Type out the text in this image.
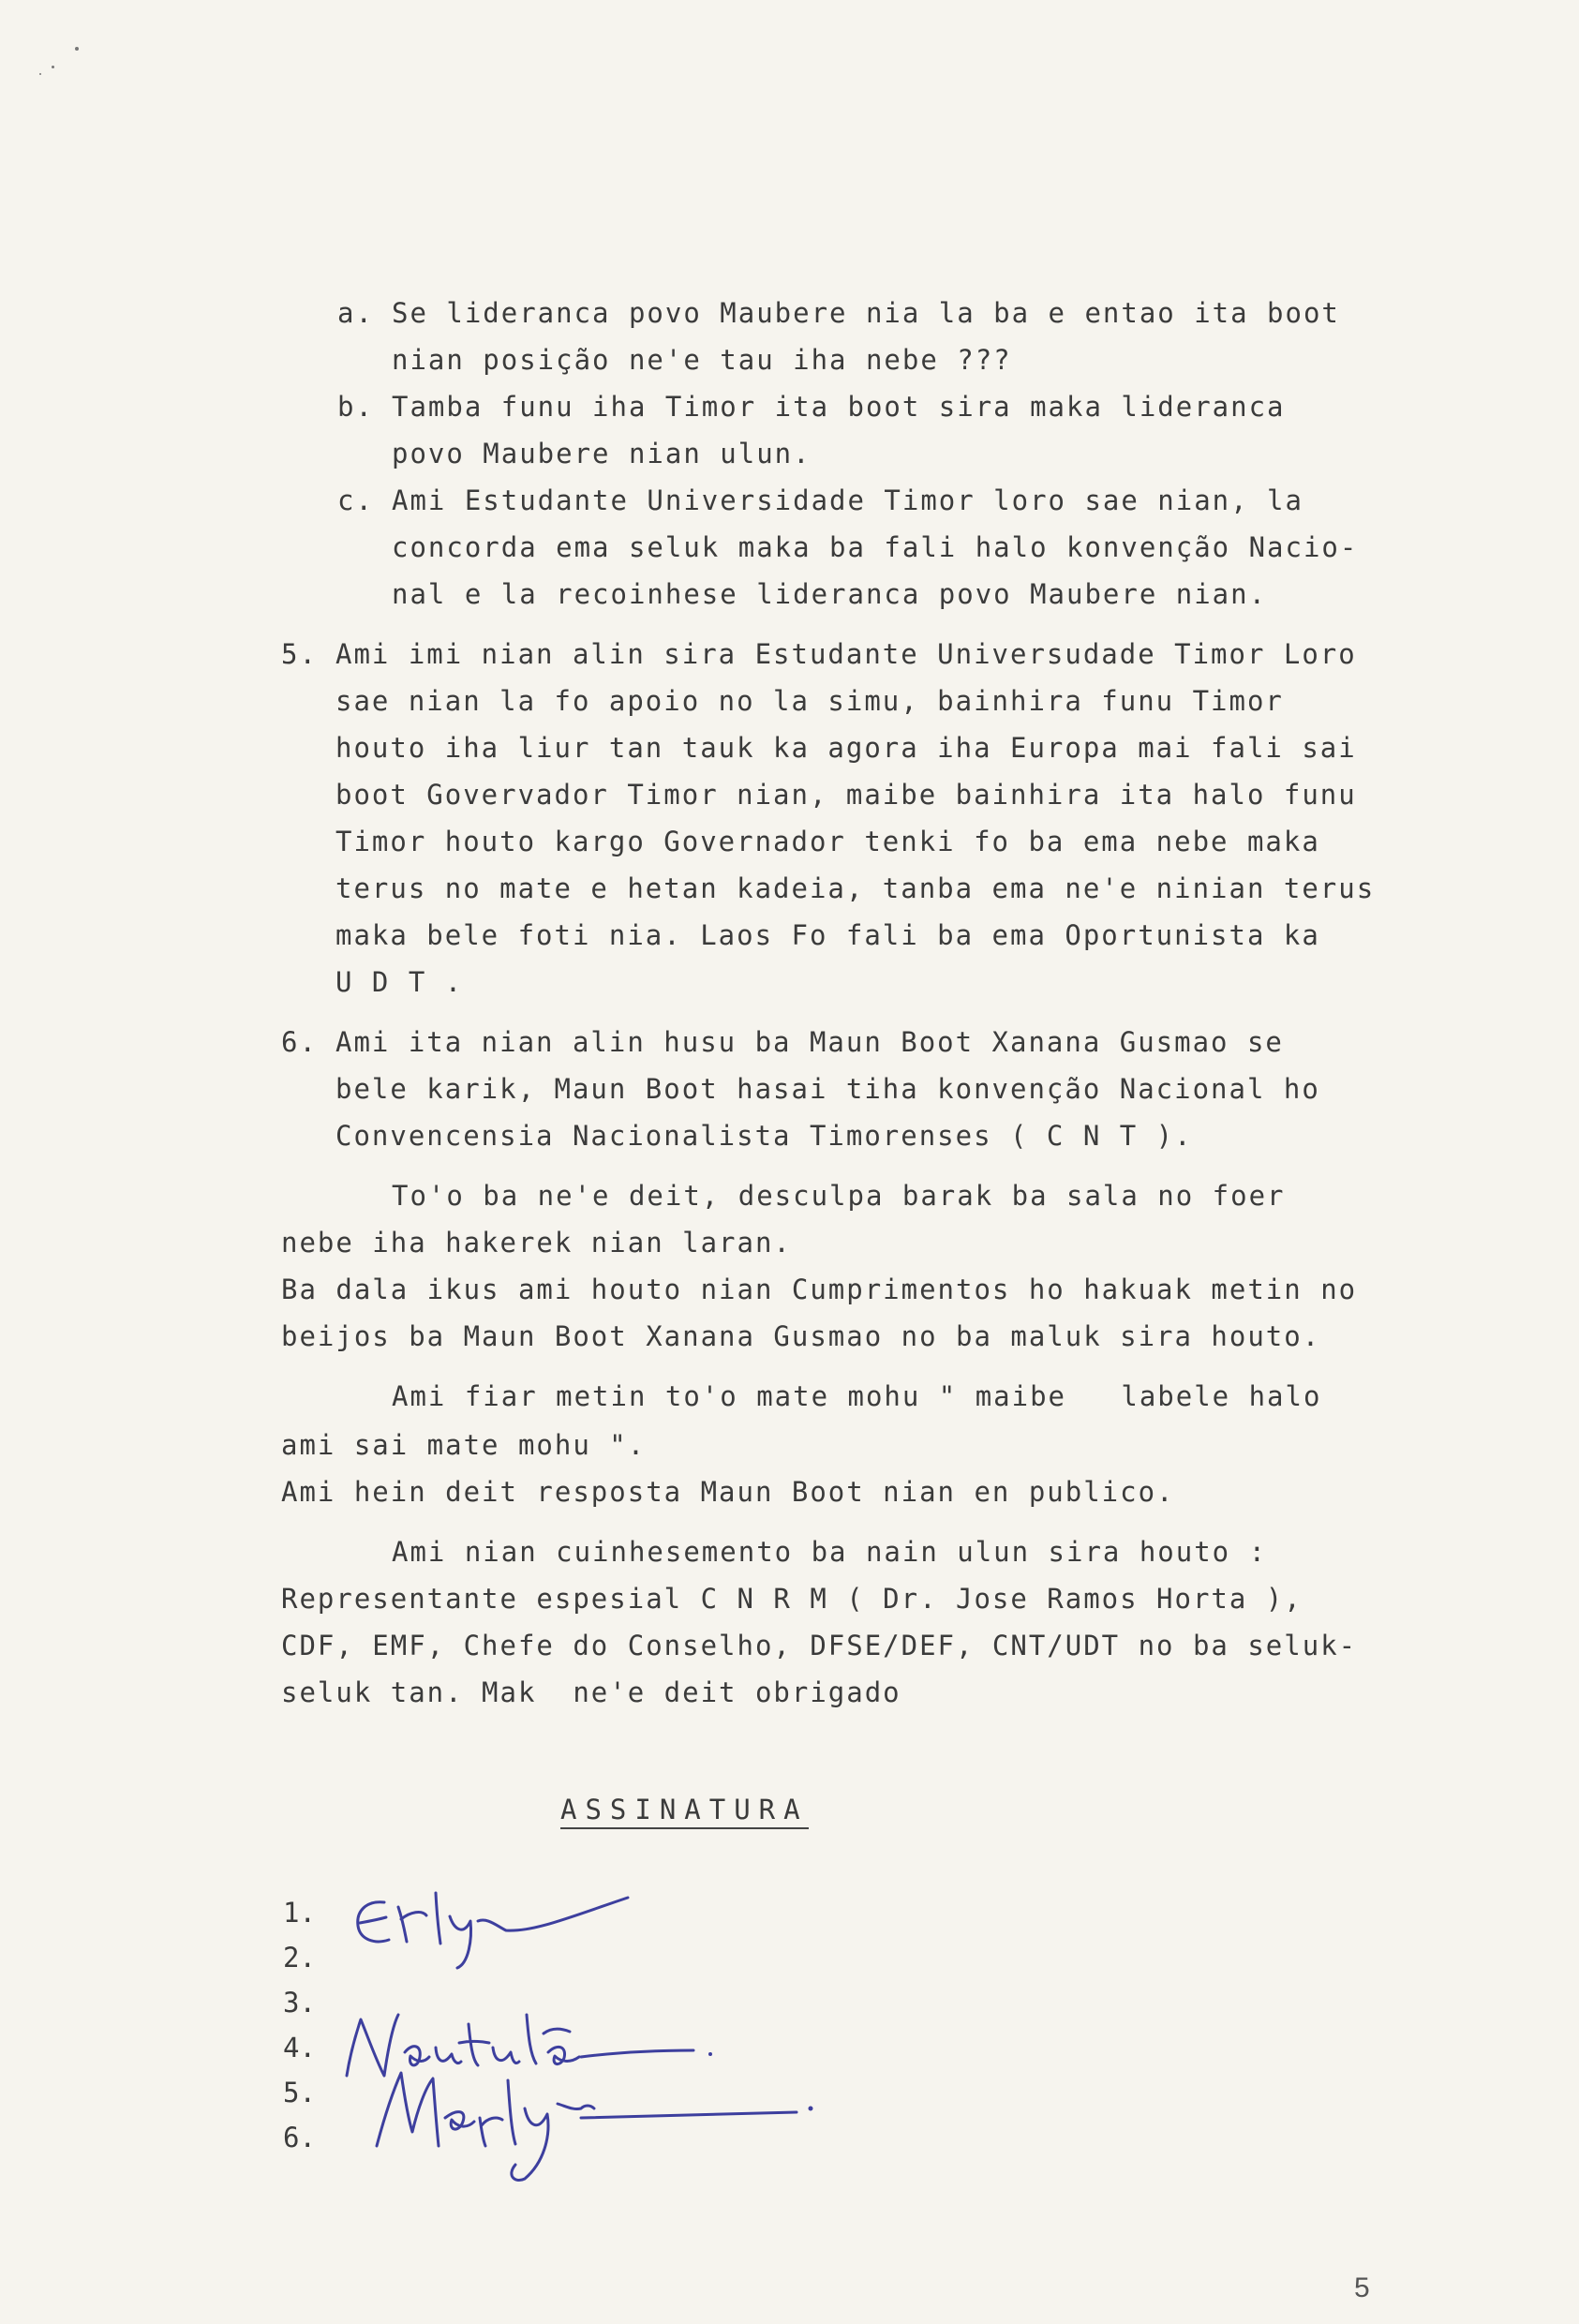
a. Se lideranca povo Maubere nia la ba e entao ita boot
nian posição ne'e tau iha nebe ???
b. Tamba funu iha Timor ita boot sira maka lideranca
povo Maubere nian ulun.
c. Ami Estudante Universidade Timor loro sae nian, la
concorda ema seluk maka ba fali halo konvenção Nacio-
nal e la recoinhese lideranca povo Maubere nian.
5. Ami imi nian alin sira Estudante Universudade Timor Loro
sae nian la fo apoio no la simu, bainhira funu Timor
houto iha liur tan tauk ka agora iha Europa mai fali sai
boot Govervador Timor nian, maibe bainhira ita halo funu
Timor houto kargo Governador tenki fo ba ema nebe maka
terus no mate e hetan kadeia, tanba ema ne'e ninian terus
maka bele foti nia. Laos Fo fali ba ema Oportunista ka
U D T .
6. Ami ita nian alin husu ba Maun Boot Xanana Gusmao se
bele karik, Maun Boot hasai tiha konvenção Nacional ho
Convencensia Nacionalista Timorenses ( C N T ).
To'o ba ne'e deit, desculpa barak ba sala no foer
nebe iha hakerek nian laran.
Ba dala ikus ami houto nian Cumprimentos ho hakuak metin no
beijos ba Maun Boot Xanana Gusmao no ba maluk sira houto.
Ami fiar metin to'o mate mohu " maibe   labele halo
ami sai mate mohu ".
Ami hein deit resposta Maun Boot nian en publico.
Ami nian cuinhesemento ba nain ulun sira houto :
Representante espesial C N R M ( Dr. Jose Ramos Horta ),
CDF, EMF, Chefe do Conselho, DFSE/DEF, CNT/UDT no ba seluk-
seluk tan. Mak  ne'e deit obrigado
ASSINATURA
1.
2.
3.
4.
5.
6.
5
